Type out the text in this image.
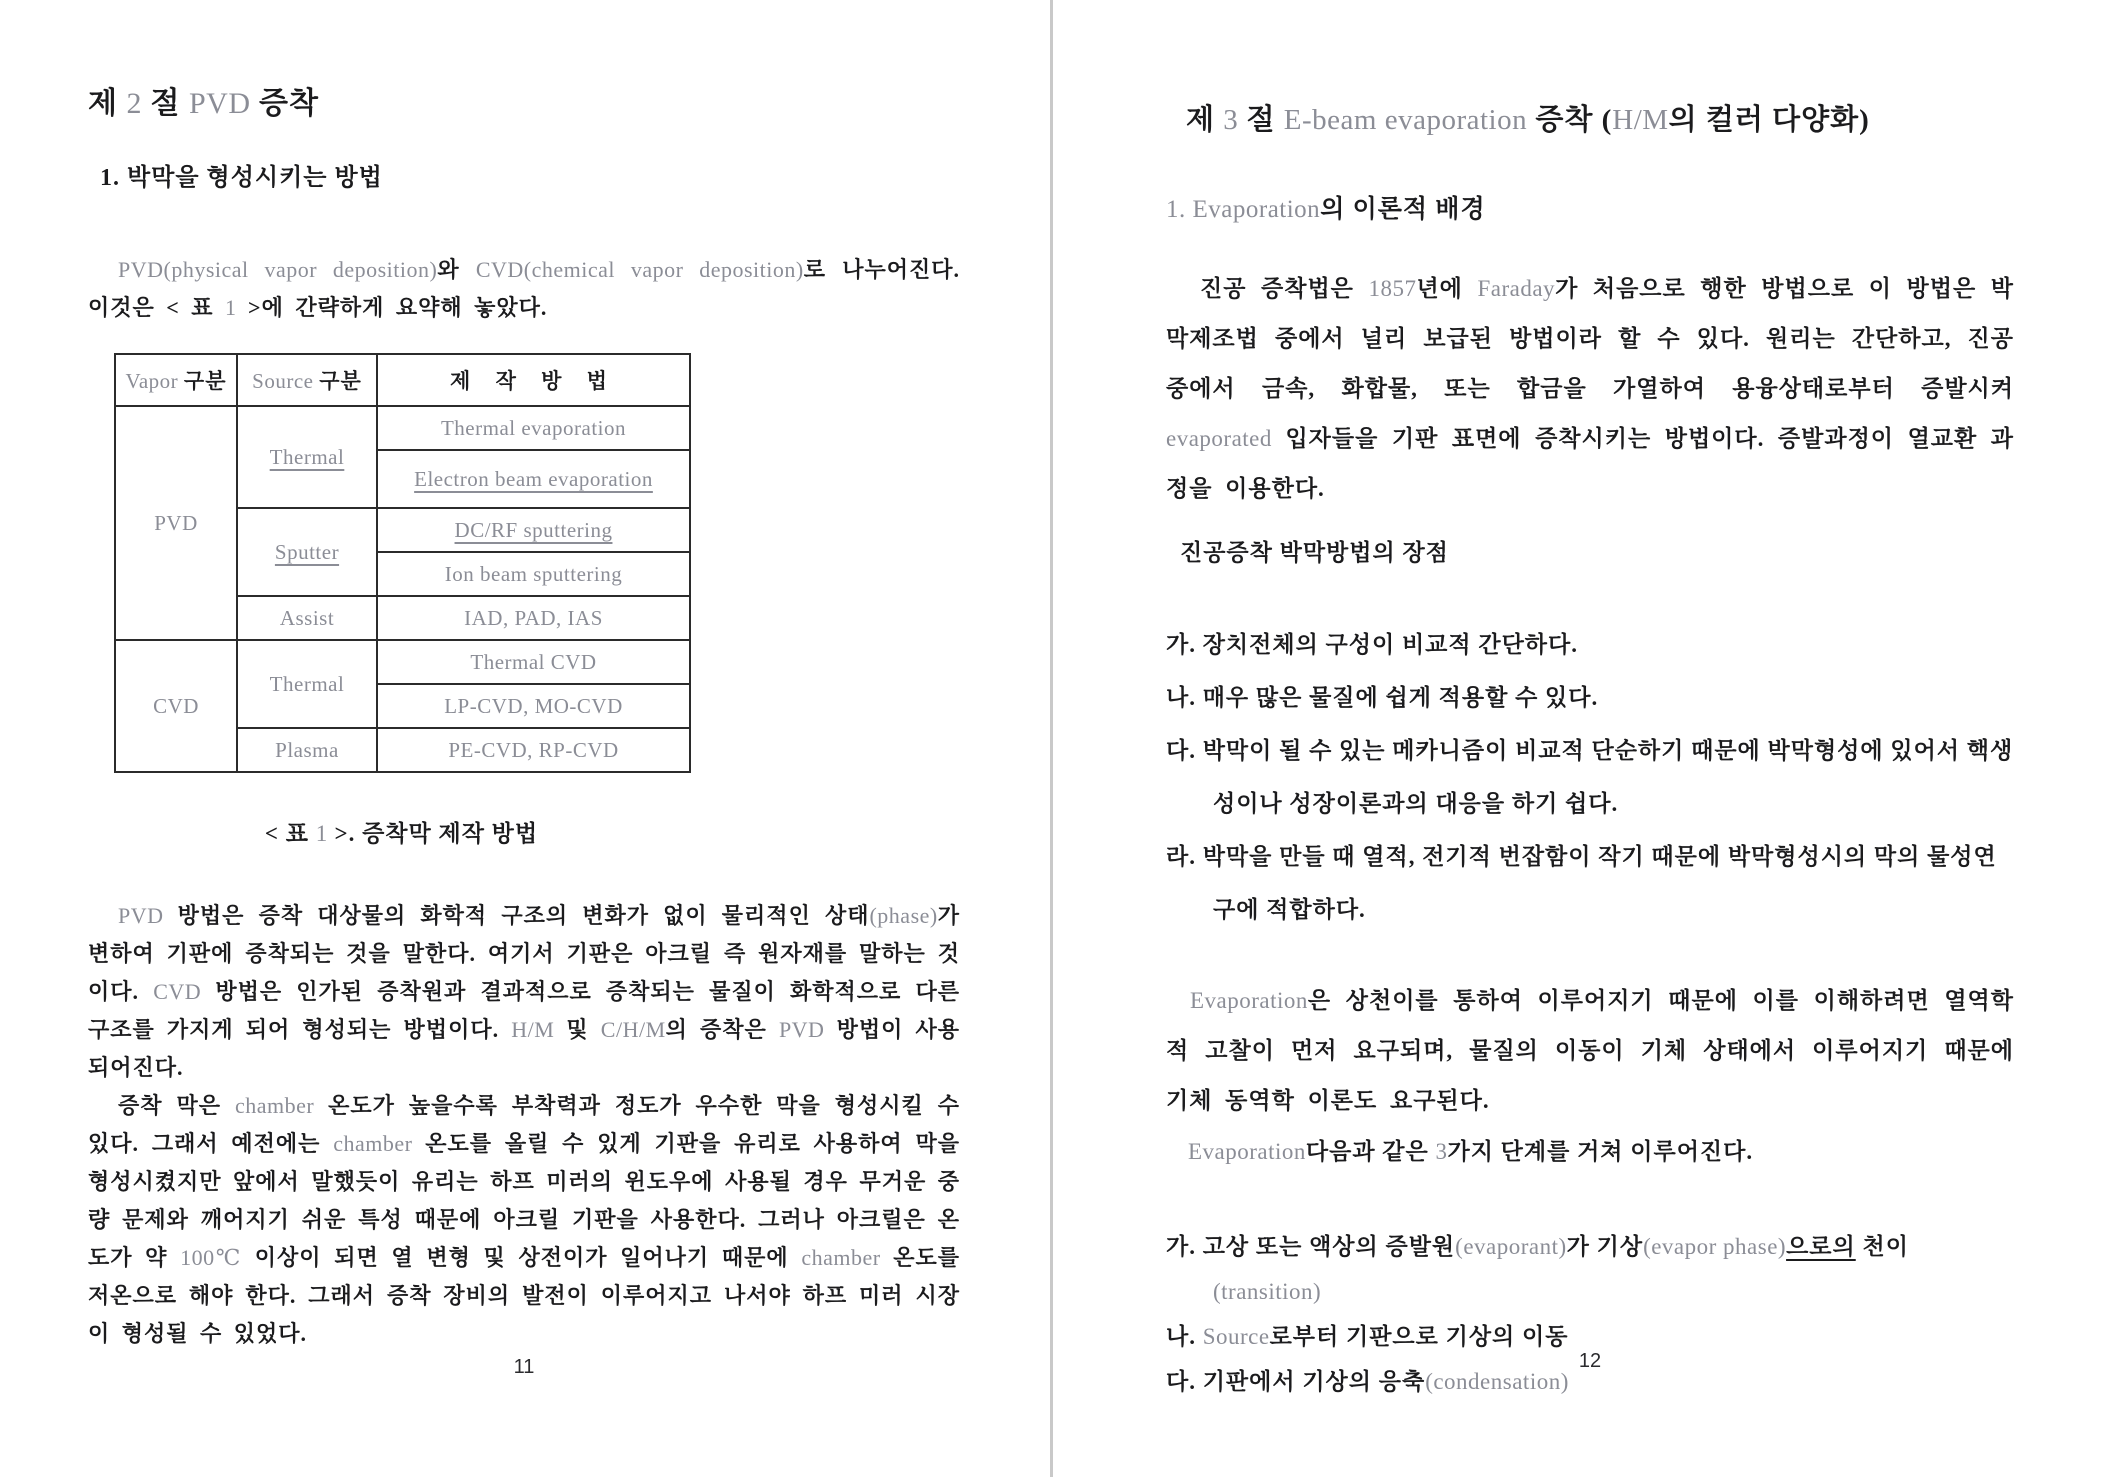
제 2 절 PVD 증착
1. 박막을 형성시키는 방법

PVD(physical vapor deposition)와 CVD(chemical vapor deposition)로 나누어진다. 이것은 < 표 1 >에 간략하게 요약해 놓았다.

Vapor 구분	Source 구분	제 작 방 법
PVD	Thermal	Thermal evaporation
		Electron beam evaporation
	Sputter	DC/RF sputtering
		Ion beam sputtering
	Assist	IAD, PAD, IAS
CVD	Thermal	Thermal CVD
		LP-CVD, MO-CVD
	Plasma	PE-CVD, RP-CVD
< 표 1 >. 증착막 제작 방법

PVD 방법은 증착 대상물의 화학적 구조의 변화가 없이 물리적인 상태(phase)가 변하여 기판에 증착되는 것을 말한다. 여기서 기판은 아크릴 즉 원자재를 말하는 것이다. CVD 방법은 인가된 증착원과 결과적으로 증착되는 물질이 화학적으로 다른 구조를 가지게 되어 형성되는 방법이다. H/M 및 C/H/M의 증착은 PVD 방법이 사용되어진다.

증착 막은 chamber 온도가 높을수록 부착력과 정도가 우수한 막을 형성시킬 수 있다. 그래서 예전에는 chamber 온도를 올릴 수 있게 기판을 유리로 사용하여 막을 형성시켰지만 앞에서 말했듯이 유리는 하프 미러의 윈도우에 사용될 경우 무거운 중량 문제와 깨어지기 쉬운 특성 때문에 아크릴 기판을 사용한다. 그러나 아크릴은 온도가 약 100℃ 이상이 되면 열 변형 및 상전이가 일어나기 때문에 chamber 온도를 저온으로 해야 한다. 그래서 증착 장비의 발전이 이루어지고 나서야 하프 미러 시장이 형성될 수 있었다.

11
제 3 절 E-beam evaporation 증착 (H/M의 컬러 다양화)
1. Evaporation의 이론적 배경

진공 증착법은 1857년에 Faraday가 처음으로 행한 방법으로 이 방법은 박막제조법 중에서 널리 보급된 방법이라 할 수 있다. 원리는 간단하고, 진공 중에서 금속, 화합물, 또는 합금을 가열하여 용융상태로부터 증발시켜 evaporated 입자들을 기판 표면에 증착시키는 방법이다. 증발과정이 열교환 과정을 이용한다.

진공증착 박막방법의 장점

가. 장치전체의 구성이 비교적 간단하다.

나. 매우 많은 물질에 쉽게 적용할 수 있다.

다. 박막이 될 수 있는 메카니즘이 비교적 단순하기 때문에 박막형성에 있어서 핵생성이나 성장이론과의 대응을 하기 쉽다.

라. 박막을 만들 때 열적, 전기적 번잡함이 작기 때문에 박막형성시의 막의 물성연구에 적합하다.

Evaporation은 상천이를 통하여 이루어지기 때문에 이를 이해하려면 열역학적 고찰이 먼저 요구되며, 물질의 이동이 기체 상태에서 이루어지기 때문에 기체 동역학 이론도 요구된다.

Evaporation다음과 같은 3가지 단계를 거쳐 이루어진다.

가. 고상 또는 액상의 증발원(evaporant)가 기상(evapor phase)으로의 천이(transition)

나. Source로부터 기판으로 기상의 이동

다. 기판에서 기상의 응축(condensation)

12
